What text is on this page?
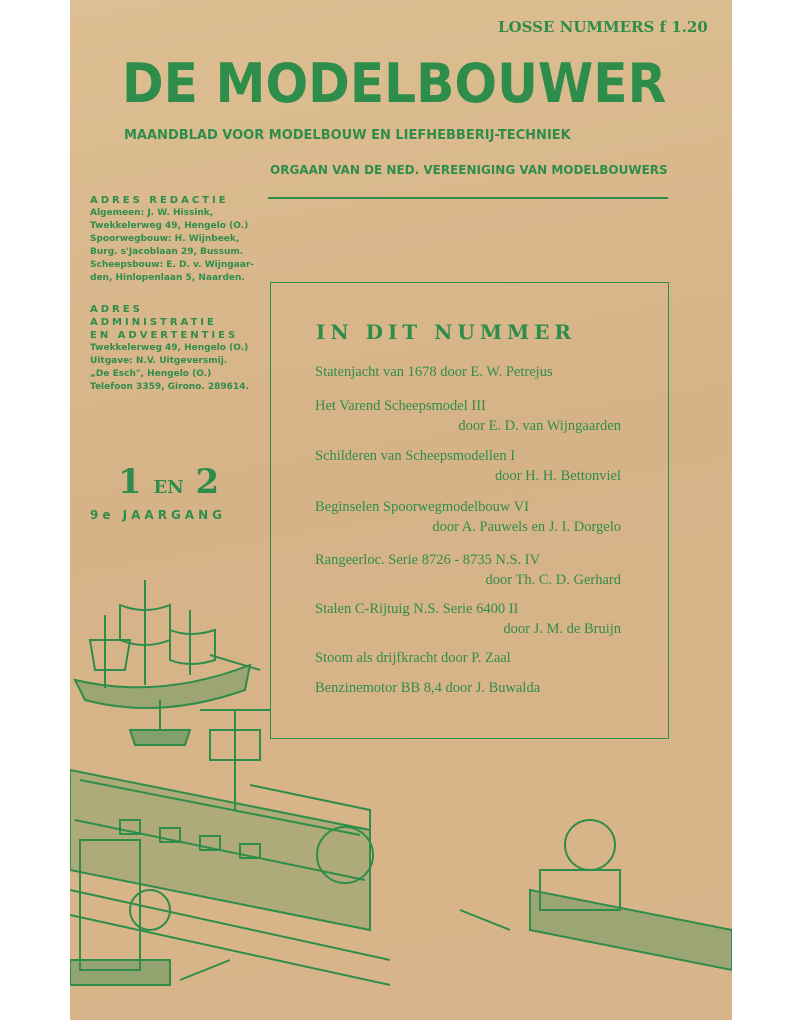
LOSSE NUMMERS f 1.20
DE MODELBOUWER
MAANDBLAD VOOR MODELBOUW EN LIEFHEBBERIJ-TECHNIEK
ORGAAN VAN DE NED. VEREENIGING VAN MODELBOUWERS
ADRES REDACTIE
Algemeen: J. W. Hissink,
Twekkelerweg 49, Hengelo (O.)
Spoorwegbouw: H. Wijnbeek,
Burg. s'Jacoblaan 29, Bussum.
Scheepsbouw: E. D. v. Wijngaar-
den, Hinlopenlaan 5, Naarden.
ADRES ADMINISTRATIE
EN ADVERTENTIES
Twekkelerweg 49, Hengelo (O.)
Uitgave: N.V. Uitgeversmij.
„De Esch", Hengelo (O.)
Telefoon 3359, Girono. 289614.
1 EN 2
9e JAARGANG
IN DIT NUMMER
Statenjacht van 1678 door E. W. Petrejus
Het Varend Scheepsmodel III
door E. D. van Wijngaarden
Schilderen van Scheepsmodellen I
door H. H. Bettonviel
Beginselen Spoorwegmodelbouw VI
door A. Pauwels en J. I. Dorgelo
Rangeerloc. Serie 8726 - 8735 N.S. IV
door Th. C. D. Gerhard
Stalen C-Rijtuig N.S. Serie 6400 II
door J. M. de Bruijn
Stoom als drijfkracht door P. Zaal
Benzinemotor BB 8,4 door J. Buwalda
